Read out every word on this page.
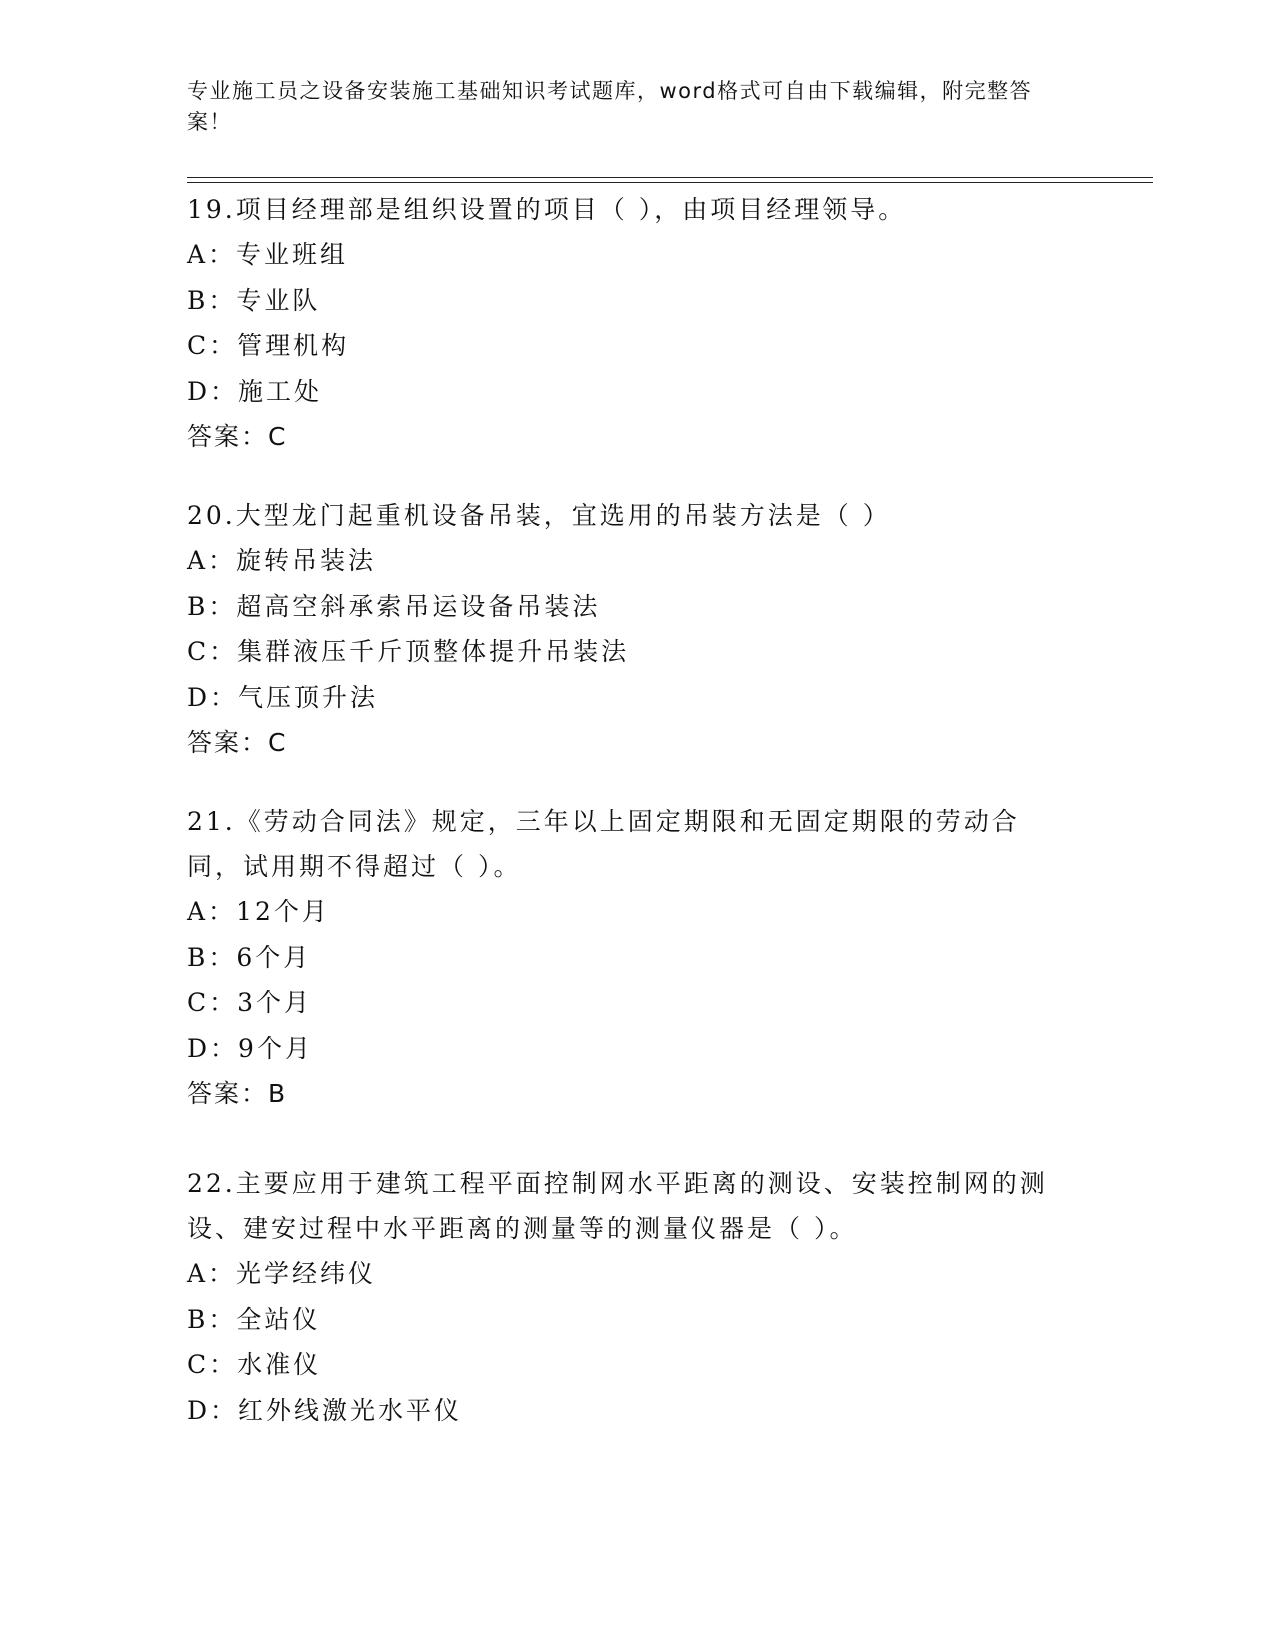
专业施工员之设备安装施工基础知识考试题库，word格式可自由下载编辑，附完整答案！

19.项目经理部是组织设置的项目（ ），由项目经理领导。

A：专业班组

B：专业队

C：管理机构

D：施工处

答案：C

20.大型龙门起重机设备吊装，宜选用的吊装方法是（ ）

A：旋转吊装法

B：超高空斜承索吊运设备吊装法

C：集群液压千斤顶整体提升吊装法

D：气压顶升法

答案：C

21.《劳动合同法》规定，三年以上固定期限和无固定期限的劳动合同，试用期不得超过（ ）。

A：12个月

B：6个月

C：3个月

D：9个月

答案：B

22.主要应用于建筑工程平面控制网水平距离的测设、安装控制网的测设、建安过程中水平距离的测量等的测量仪器是（ ）。

A：光学经纬仪

B：全站仪

C：水准仪

D：红外线激光水平仪
